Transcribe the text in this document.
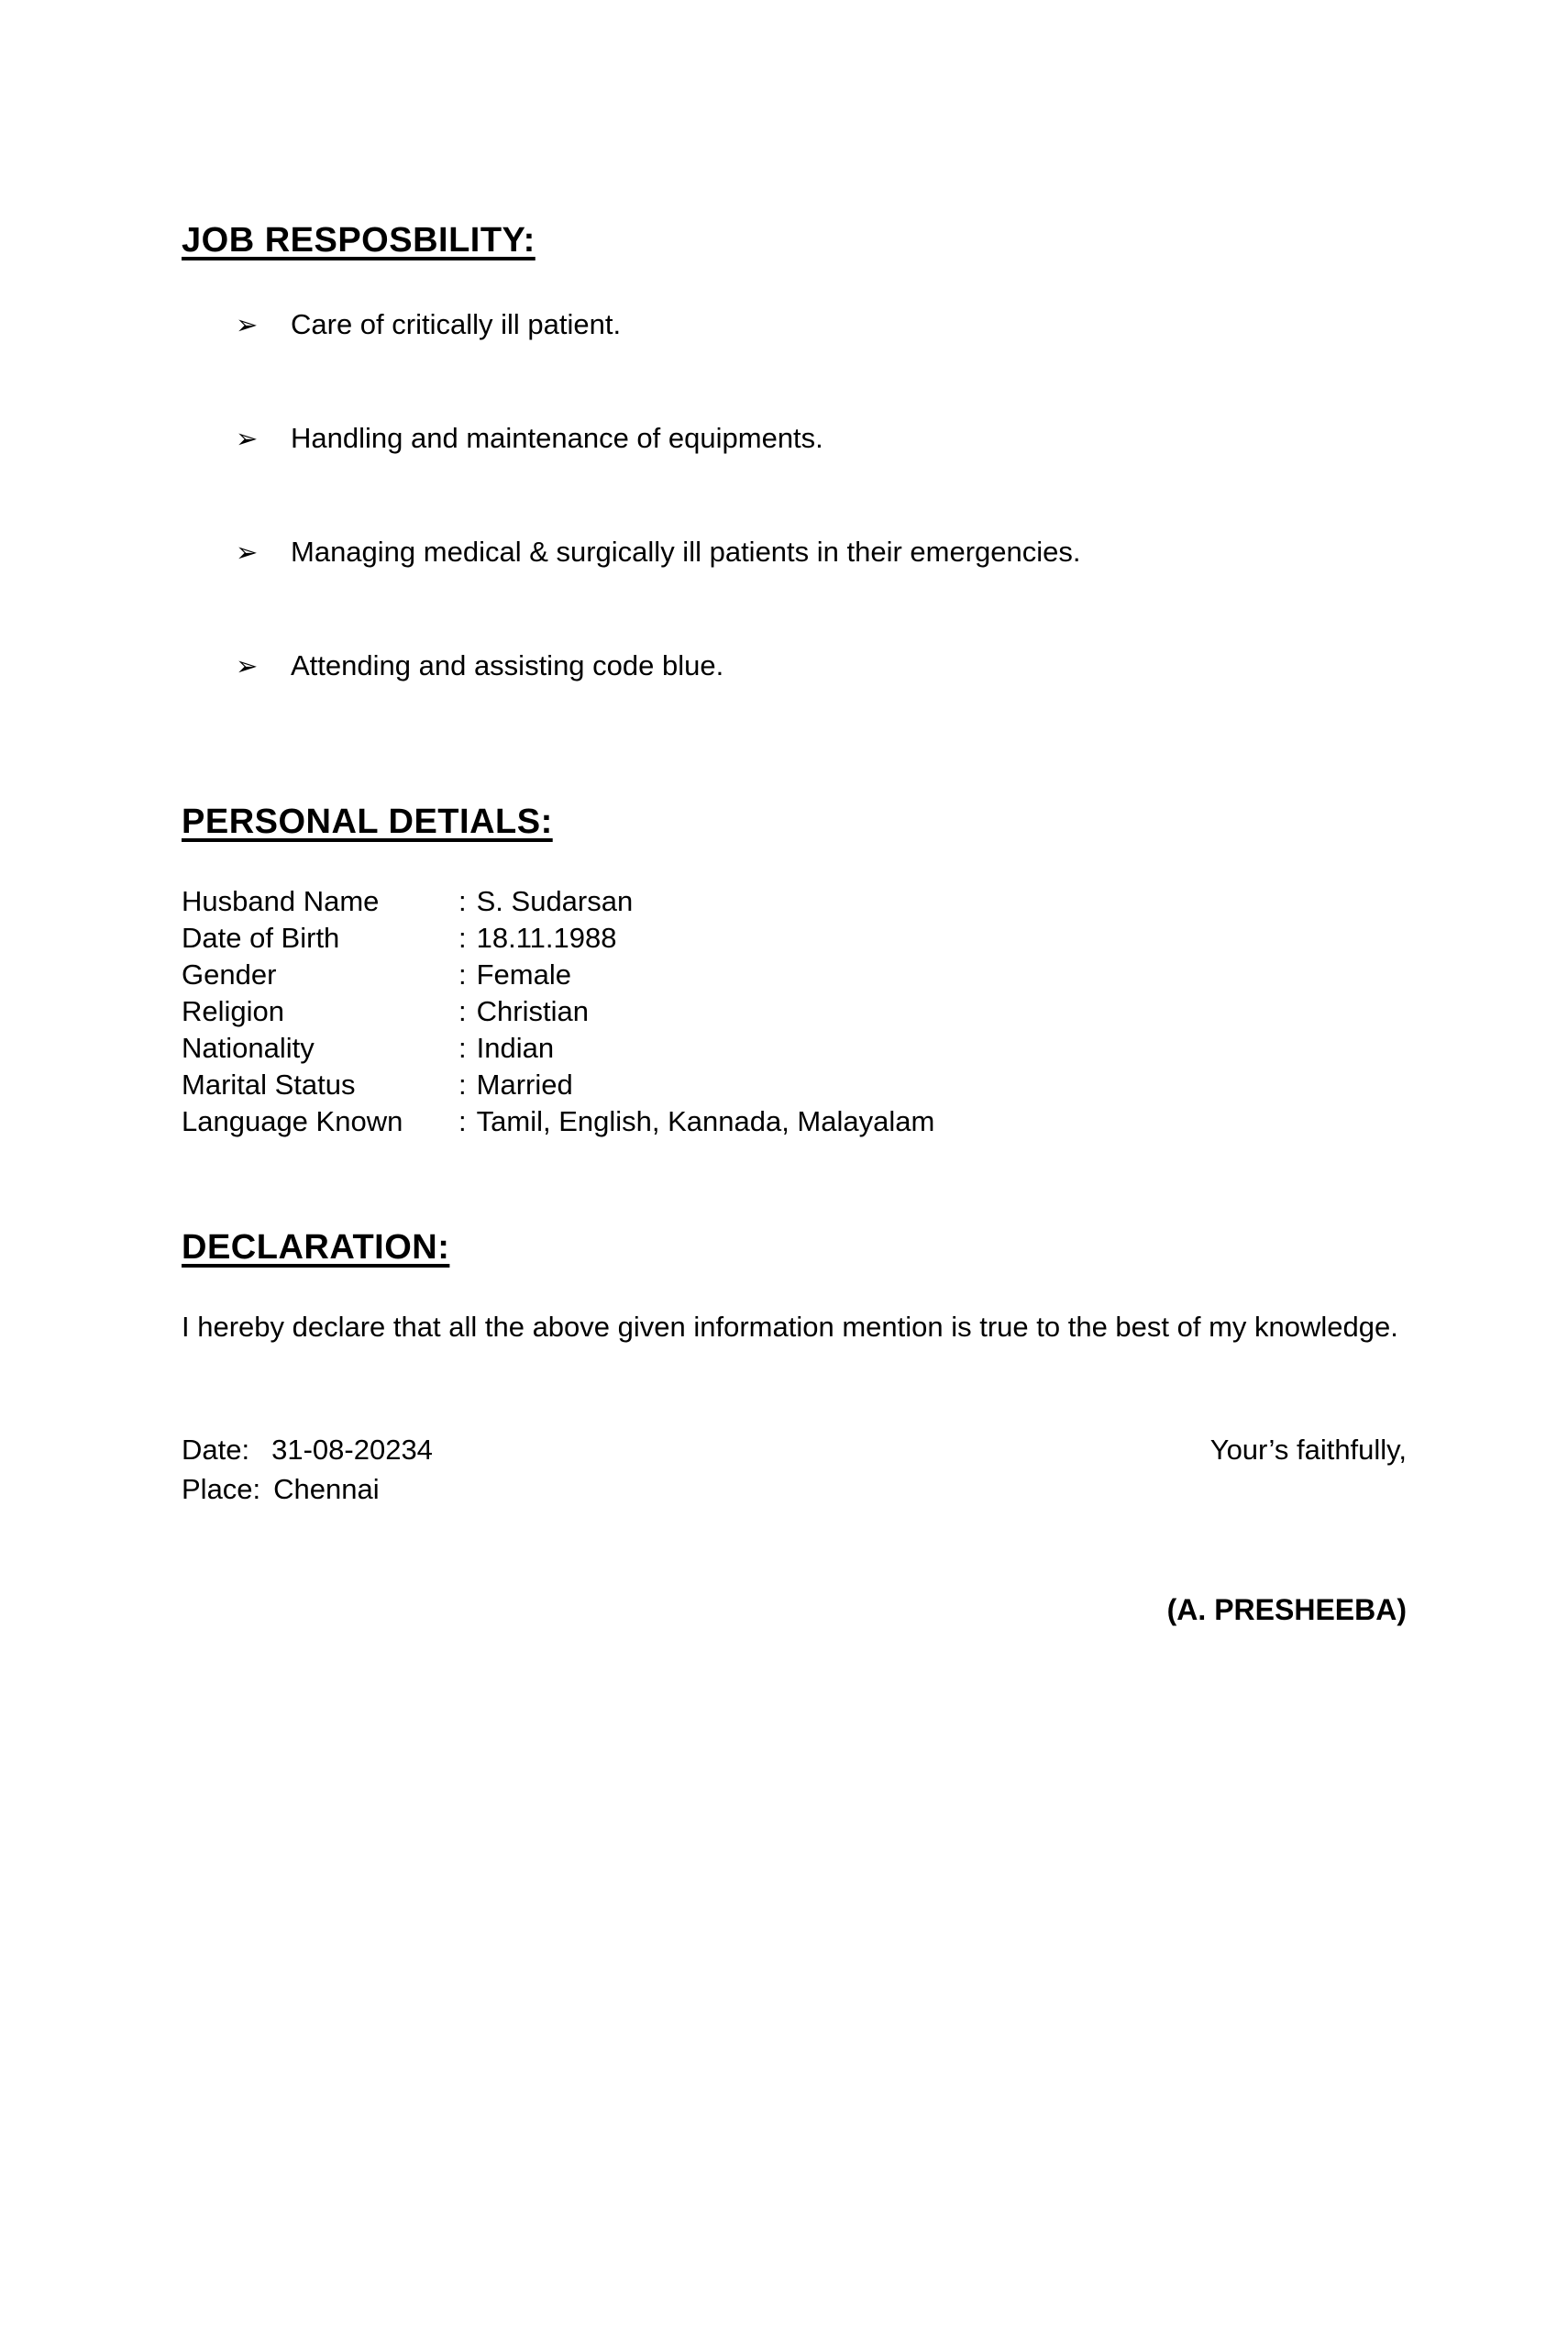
JOB RESPOSBILITY:
➢	Care of critically ill patient.
➢	Handling and maintenance of equipments.
➢	Managing medical & surgically ill patients in their emergencies.
➢	Attending and assisting code blue.
PERSONAL DETIALS:
Husband Name	: S. Sudarsan
Date of Birth	: 18.11.1988
Gender	: Female
Religion	: Christian
Nationality	: Indian
Marital Status	: Married
Language Known	: Tamil, English, Kannada, Malayalam
DECLARATION:

I hereby declare that all the above given information mention is true to the best of my knowledge.

Date: 31-08-20234
Place: Chennai
Your’s faithfully,
(A. PRESHEEBA)
